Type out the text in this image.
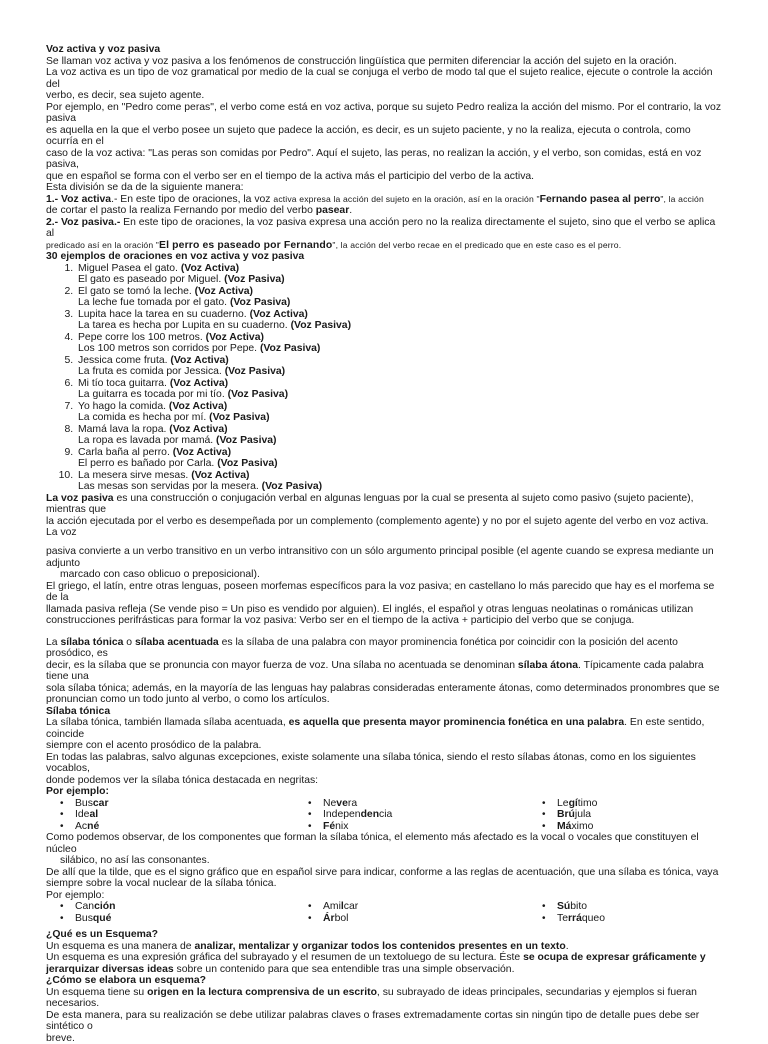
Voz activa y voz pasiva

Se llaman voz activa y voz pasiva a los fenómenos de construcción lingüística que permiten diferenciar la acción del sujeto en la oración.

La voz activa es un tipo de voz gramatical por medio de la cual se conjuga el verbo de modo tal que el sujeto realice, ejecute o controle la acción del

verbo, es decir, sea sujeto agente.

Por ejemplo, en "Pedro come peras", el verbo come está en voz activa, porque su sujeto Pedro realiza la acción del mismo. Por el contrario, la voz pasiva

es aquella en la que el verbo posee un sujeto que padece la acción, es decir, es un sujeto paciente, y no la realiza, ejecuta o controla, como ocurría en el

caso de la voz activa: "Las peras son comidas por Pedro". Aquí el sujeto, las peras, no realizan la acción, y el verbo, son comidas, está en voz pasiva,

que en español se forma con el verbo ser en el tiempo de la activa más el participio del verbo de la activa.

Esta división se da de la siguiente manera:

1.- Voz activa.- En este tipo de oraciones, la voz activa expresa la acción del sujeto en la oración, así en la oración "Fernando pasea al perro", la acción

de cortar el pasto la realiza Fernando por medio del verbo pasear.

2.- Voz pasiva.- En este tipo de oraciones, la voz pasiva expresa una acción pero no la realiza directamente el sujeto, sino que el verbo se aplica al

predicado así en la oración "El perro es paseado por Fernando", la acción del verbo recae en el predicado que en este caso es el perro.

30 ejemplos de oraciones en voz activa y voz pasiva

1. Miguel Pasea el gato. (Voz Activa)
El gato es paseado por Miguel. (Voz Pasiva)
2. El gato se tomó la leche. (Voz Activa)
La leche fue tomada por el gato. (Voz Pasiva)
3. Lupita hace la tarea en su cuaderno. (Voz Activa)
La tarea es hecha por Lupita en su cuaderno. (Voz Pasiva)
4. Pepe corre los 100 metros. (Voz Activa)
Los 100 metros son corridos por Pepe. (Voz Pasiva)
5. Jessica come fruta. (Voz Activa)
La fruta es comida por Jessica. (Voz Pasiva)
6. Mi tío toca guitarra. (Voz Activa)
La guitarra es tocada por mi tío. (Voz Pasiva)
7. Yo hago la comida. (Voz Activa)
La comida es hecha por mí. (Voz Pasiva)
8. Mamá lava la ropa. (Voz Activa)
La ropa es lavada por mamá. (Voz Pasiva)
9. Carla baña al perro. (Voz Activa)
El perro es bañado por Carla. (Voz Pasiva)
10. La mesera sirve mesas. (Voz Activa)
Las mesas son servidas por la mesera. (Voz Pasiva)

La voz pasiva es una construcción o conjugación verbal en algunas lenguas por la cual se presenta al sujeto como pasivo (sujeto paciente), mientras que

la acción ejecutada por el verbo es desempeñada por un complemento (complemento agente) y no por el sujeto agente del verbo en voz activa. La voz

pasiva convierte a un verbo transitivo en un verbo intransitivo con un sólo argumento principal posible (el agente cuando se expresa mediante un adjunto

marcado con caso oblicuo o preposicional).

El griego, el latín, entre otras lenguas, poseen morfemas específicos para la voz pasiva; en castellano lo más parecido que hay es el morfema se de la

llamada pasiva refleja (Se vende piso = Un piso es vendido por alguien). El inglés, el español y otras lenguas neolatinas o románicas utilizan

construcciones perifrásticas para formar la voz pasiva: Verbo ser en el tiempo de la activa + participio del verbo que se conjuga.

La sílaba tónica o sílaba acentuada es la sílaba de una palabra con mayor prominencia fonética por coincidir con la posición del acento prosódico, es

decir, es la sílaba que se pronuncia con mayor fuerza de voz. Una sílaba no acentuada se denominan sílaba átona. Típicamente cada palabra tiene una

sola sílaba tónica; además, en la mayoría de las lenguas hay palabras consideradas enteramente átonas, como determinados pronombres que se

pronuncian como un todo junto al verbo, o como los artículos.

Sílaba tónica

La sílaba tónica, también llamada sílaba acentuada, es aquella que presenta mayor prominencia fonética en una palabra. En este sentido, coincide

siempre con el acento prosódico de la palabra.

En todas las palabras, salvo algunas excepciones, existe solamente una sílaba tónica, siendo el resto sílabas átonas, como en los siguientes vocablos,

donde podemos ver la sílaba tónica destacada en negritas:

Por ejemplo:

• Buscar
• Ideal
• Acné
• Nevera
• Independencia
• Fénix
• Legítimo
• Brújula
• Máximo

Como podemos observar, de los componentes que forman la sílaba tónica, el elemento más afectado es la vocal o vocales que constituyen el núcleo

silábico, no así las consonantes.

De allí que la tilde, que es el signo gráfico que en español sirve para indicar, conforme a las reglas de acentuación, que una sílaba es tónica, vaya

siempre sobre la vocal nuclear de la sílaba tónica.

Por ejemplo:

• Canción
• Busqué
• Amilcar
• Árbol
• Súbito
• Terráqueo

¿Qué es un Esquema?

Un esquema es una manera de analizar, mentalizar y organizar todos los contenidos presentes en un texto.

Un esquema es una expresión gráfica del subrayado y el resumen de un textoluego de su lectura. Éste se ocupa de expresar gráficamente y

jerarquizar diversas ideas sobre un contenido para que sea entendible tras una simple observación.

¿Cómo se elabora un esquema?

Un esquema tiene su origen en la lectura comprensiva de un escrito, su subrayado de ideas principales, secundarias y ejemplos si fueran necesarios.

De esta manera, para su realización se debe utilizar palabras claves o frases extremadamente cortas sin ningún tipo de detalle pues debe ser sintético o

breve.
